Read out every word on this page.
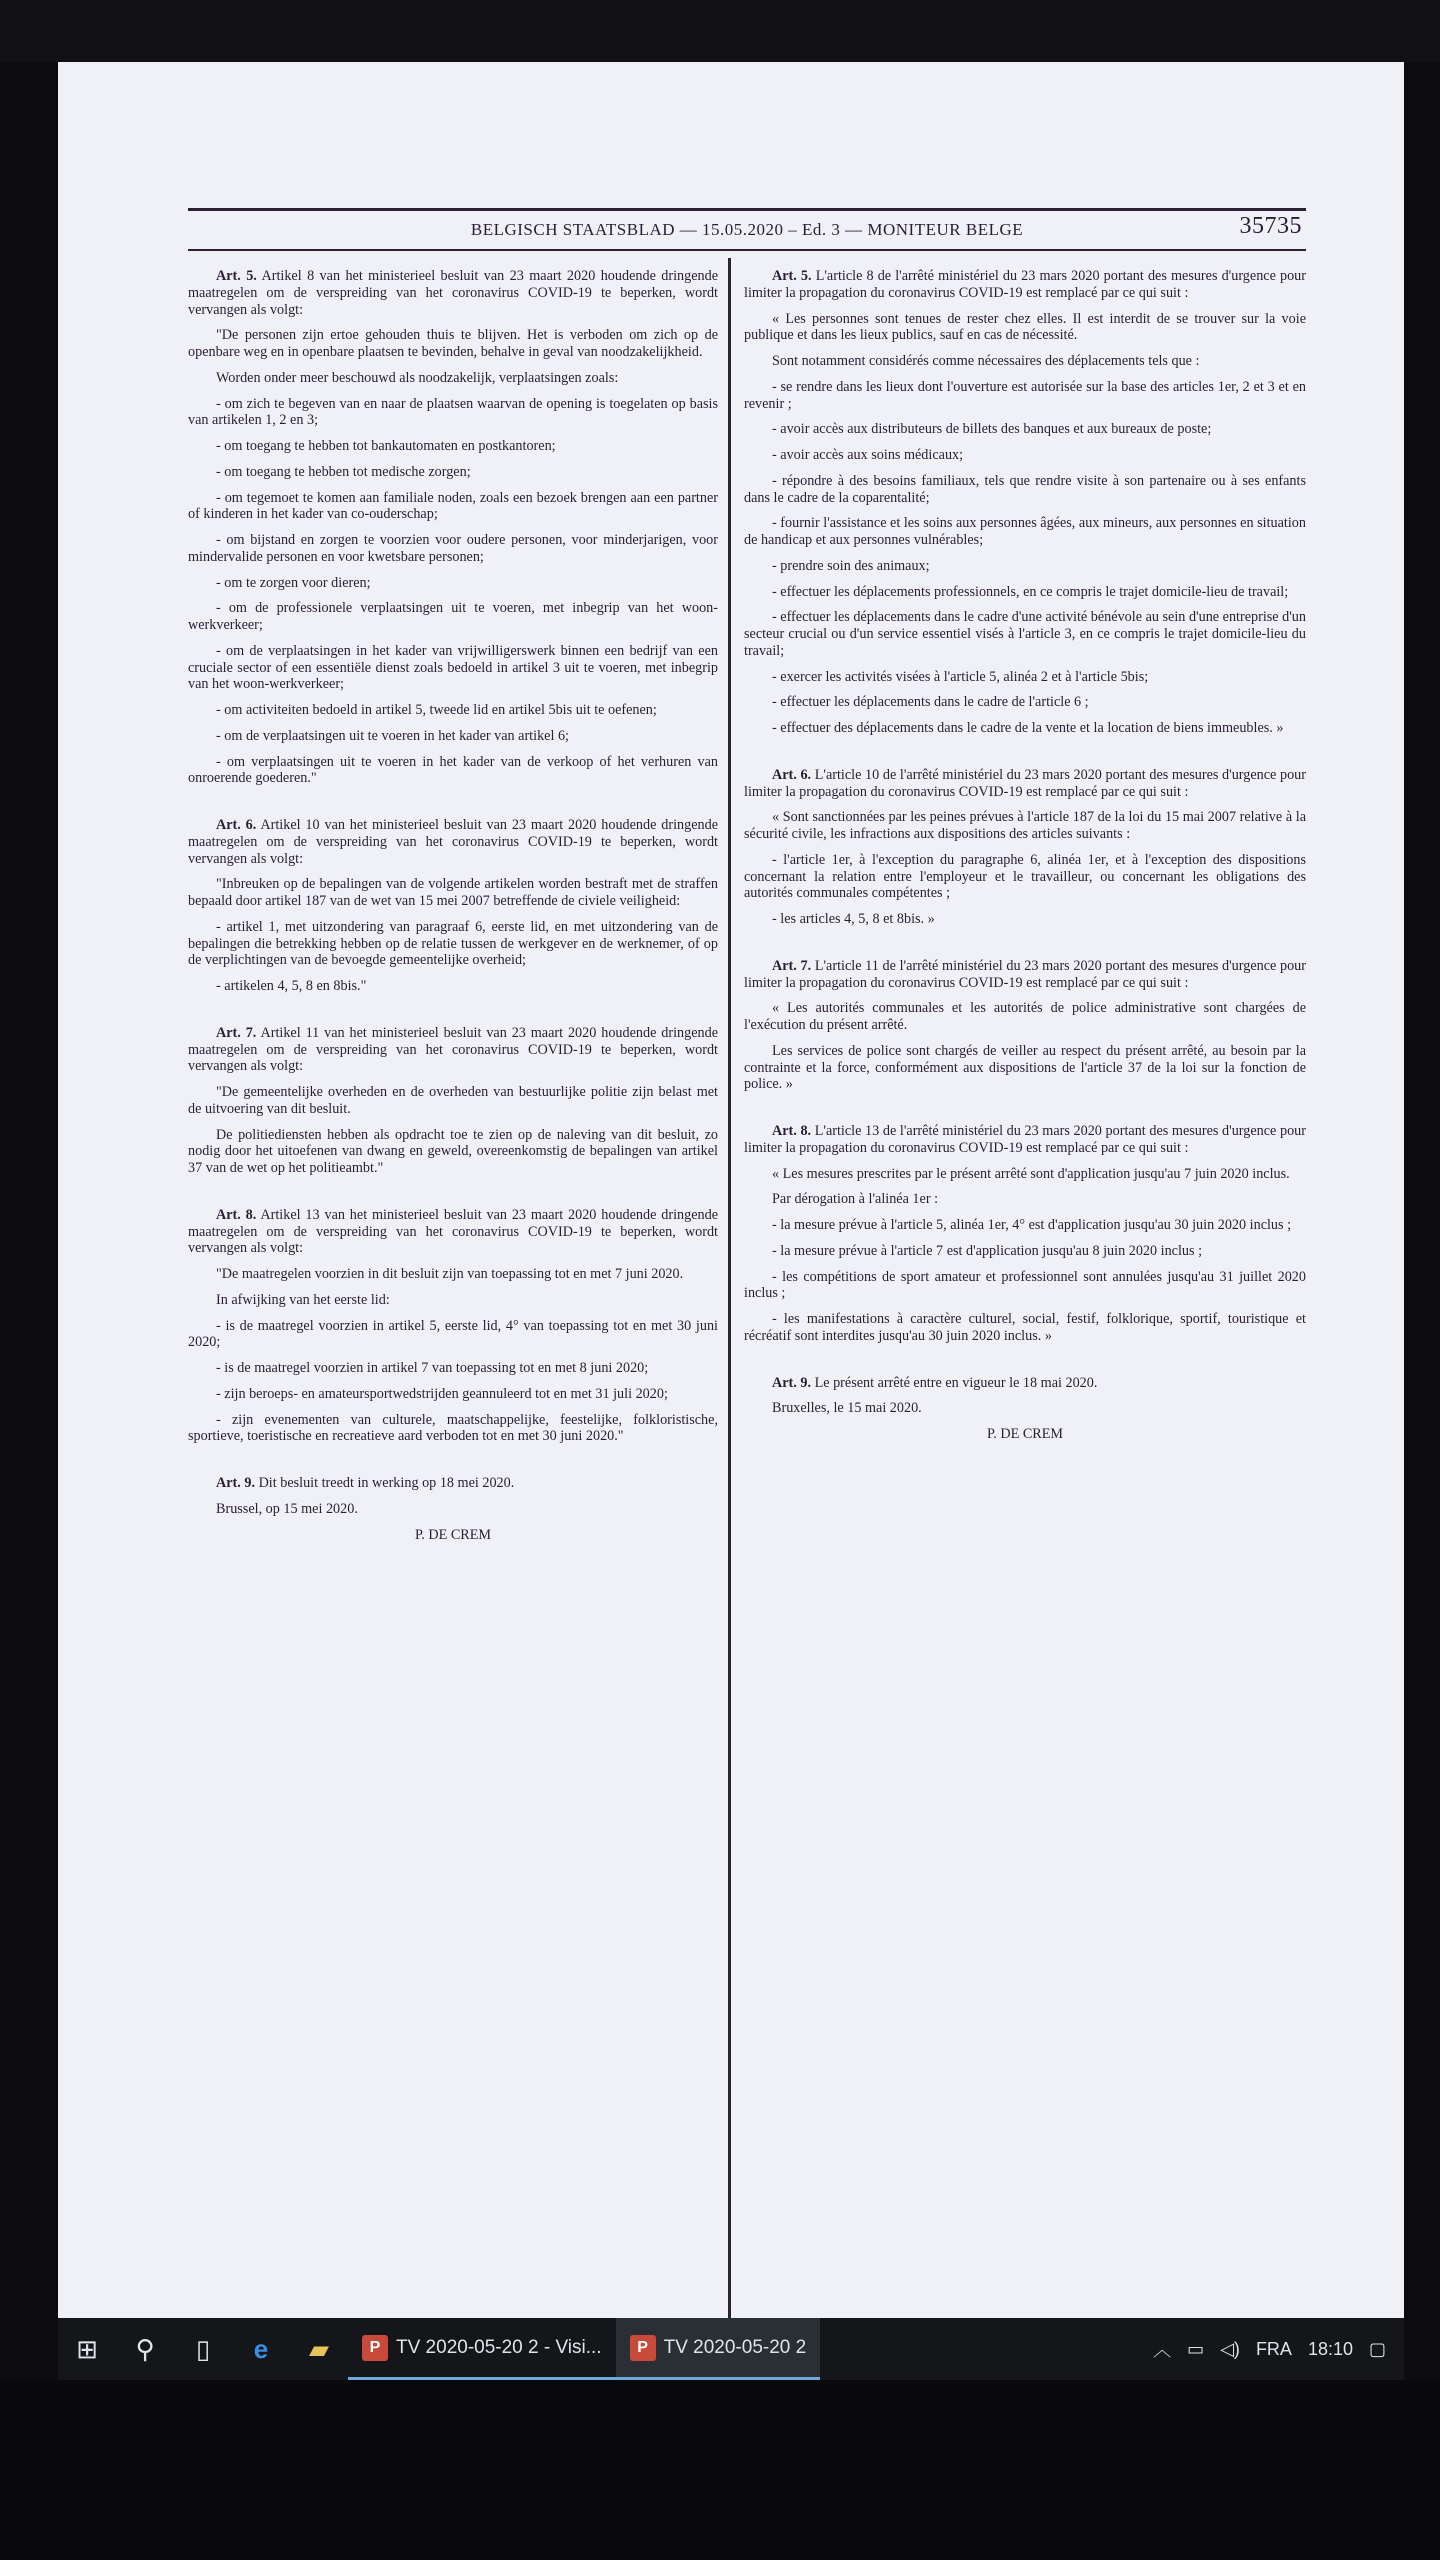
BELGISCH STAATSBLAD — 15.05.2020 – Ed. 3 — MONITEUR BELGE	35735

Art. 5. Artikel 8 van het ministerieel besluit van 23 maart 2020 houdende dringende maatregelen om de verspreiding van het coronavirus COVID-19 te beperken, wordt vervangen als volgt:

"De personen zijn ertoe gehouden thuis te blijven. Het is verboden om zich op de openbare weg en in openbare plaatsen te bevinden, behalve in geval van noodzakelijkheid.

Worden onder meer beschouwd als noodzakelijk, verplaatsingen zoals:

- om zich te begeven van en naar de plaatsen waarvan de opening is toegelaten op basis van artikelen 1, 2 en 3;

- om toegang te hebben tot bankautomaten en postkantoren;

- om toegang te hebben tot medische zorgen;

- om tegemoet te komen aan familiale noden, zoals een bezoek brengen aan een partner of kinderen in het kader van co-ouderschap;

- om bijstand en zorgen te voorzien voor oudere personen, voor minderjarigen, voor mindervalide personen en voor kwetsbare personen;

- om te zorgen voor dieren;

- om de professionele verplaatsingen uit te voeren, met inbegrip van het woon-werkverkeer;

- om de verplaatsingen in het kader van vrijwilligerswerk binnen een bedrijf van een cruciale sector of een essentiële dienst zoals bedoeld in artikel 3 uit te voeren, met inbegrip van het woon-werkverkeer;

- om activiteiten bedoeld in artikel 5, tweede lid en artikel 5bis uit te oefenen;

- om de verplaatsingen uit te voeren in het kader van artikel 6;

- om verplaatsingen uit te voeren in het kader van de verkoop of het verhuren van onroerende goederen."

Art. 6. Artikel 10 van het ministerieel besluit van 23 maart 2020 houdende dringende maatregelen om de verspreiding van het coronavirus COVID-19 te beperken, wordt vervangen als volgt:

"Inbreuken op de bepalingen van de volgende artikelen worden bestraft met de straffen bepaald door artikel 187 van de wet van 15 mei 2007 betreffende de civiele veiligheid:

- artikel 1, met uitzondering van paragraaf 6, eerste lid, en met uitzondering van de bepalingen die betrekking hebben op de relatie tussen de werkgever en de werknemer, of op de verplichtingen van de bevoegde gemeentelijke overheid;

- artikelen 4, 5, 8 en 8bis."

Art. 7. Artikel 11 van het ministerieel besluit van 23 maart 2020 houdende dringende maatregelen om de verspreiding van het coronavirus COVID-19 te beperken, wordt vervangen als volgt:

"De gemeentelijke overheden en de overheden van bestuurlijke politie zijn belast met de uitvoering van dit besluit.

De politiediensten hebben als opdracht toe te zien op de naleving van dit besluit, zo nodig door het uitoefenen van dwang en geweld, overeenkomstig de bepalingen van artikel 37 van de wet op het politieambt."

Art. 8. Artikel 13 van het ministerieel besluit van 23 maart 2020 houdende dringende maatregelen om de verspreiding van het coronavirus COVID-19 te beperken, wordt vervangen als volgt:

"De maatregelen voorzien in dit besluit zijn van toepassing tot en met 7 juni 2020.

In afwijking van het eerste lid:

- is de maatregel voorzien in artikel 5, eerste lid, 4° van toepassing tot en met 30 juni 2020;

- is de maatregel voorzien in artikel 7 van toepassing tot en met 8 juni 2020;

- zijn beroeps- en amateursportwedstrijden geannuleerd tot en met 31 juli 2020;

- zijn evenementen van culturele, maatschappelijke, feestelijke, folkloristische, sportieve, toeristische en recreatieve aard verboden tot en met 30 juni 2020."

Art. 9. Dit besluit treedt in werking op 18 mei 2020.

Brussel, op 15 mei 2020.

P. DE CREM

Art. 5. L'article 8 de l'arrêté ministériel du 23 mars 2020 portant des mesures d'urgence pour limiter la propagation du coronavirus COVID-19 est remplacé par ce qui suit :

« Les personnes sont tenues de rester chez elles. Il est interdit de se trouver sur la voie publique et dans les lieux publics, sauf en cas de nécessité.

Sont notamment considérés comme nécessaires des déplacements tels que :

- se rendre dans les lieux dont l'ouverture est autorisée sur la base des articles 1er, 2 et 3 et en revenir ;

- avoir accès aux distributeurs de billets des banques et aux bureaux de poste;

- avoir accès aux soins médicaux;

- répondre à des besoins familiaux, tels que rendre visite à son partenaire ou à ses enfants dans le cadre de la coparentalité;

- fournir l'assistance et les soins aux personnes âgées, aux mineurs, aux personnes en situation de handicap et aux personnes vulnérables;

- prendre soin des animaux;

- effectuer les déplacements professionnels, en ce compris le trajet domicile-lieu de travail;

- effectuer les déplacements dans le cadre d'une activité bénévole au sein d'une entreprise d'un secteur crucial ou d'un service essentiel visés à l'article 3, en ce compris le trajet domicile-lieu du travail;

- exercer les activités visées à l'article 5, alinéa 2 et à l'article 5bis;

- effectuer les déplacements dans le cadre de l'article 6 ;

- effectuer des déplacements dans le cadre de la vente et la location de biens immeubles. »

Art. 6. L'article 10 de l'arrêté ministériel du 23 mars 2020 portant des mesures d'urgence pour limiter la propagation du coronavirus COVID-19 est remplacé par ce qui suit :

« Sont sanctionnées par les peines prévues à l'article 187 de la loi du 15 mai 2007 relative à la sécurité civile, les infractions aux dispositions des articles suivants :

- l'article 1er, à l'exception du paragraphe 6, alinéa 1er, et à l'exception des dispositions concernant la relation entre l'employeur et le travailleur, ou concernant les obligations des autorités communales compétentes ;

- les articles 4, 5, 8 et 8bis. »

Art. 7. L'article 11 de l'arrêté ministériel du 23 mars 2020 portant des mesures d'urgence pour limiter la propagation du coronavirus COVID-19 est remplacé par ce qui suit :

« Les autorités communales et les autorités de police administrative sont chargées de l'exécution du présent arrêté.

Les services de police sont chargés de veiller au respect du présent arrêté, au besoin par la contrainte et la force, conformément aux dispositions de l'article 37 de la loi sur la fonction de police. »

Art. 8. L'article 13 de l'arrêté ministériel du 23 mars 2020 portant des mesures d'urgence pour limiter la propagation du coronavirus COVID-19 est remplacé par ce qui suit :

« Les mesures prescrites par le présent arrêté sont d'application jusqu'au 7 juin 2020 inclus.

Par dérogation à l'alinéa 1er :

- la mesure prévue à l'article 5, alinéa 1er, 4° est d'application jusqu'au 30 juin 2020 inclus ;

- la mesure prévue à l'article 7 est d'application jusqu'au 8 juin 2020 inclus ;

- les compétitions de sport amateur et professionnel sont annulées jusqu'au 31 juillet 2020 inclus ;

- les manifestations à caractère culturel, social, festif, folklorique, sportif, touristique et récréatif sont interdites jusqu'au 30 juin 2020 inclus. »

Art. 9. Le présent arrêté entre en vigueur le 18 mai 2020.

Bruxelles, le 15 mai 2020.

P. DE CREM

⊞	⚲	▯	e	▰	P TV 2020-05-20 2 - Visi...	P TV 2020-05-20 2	︿ ▭ ◁) FRA 18:10 ▢
